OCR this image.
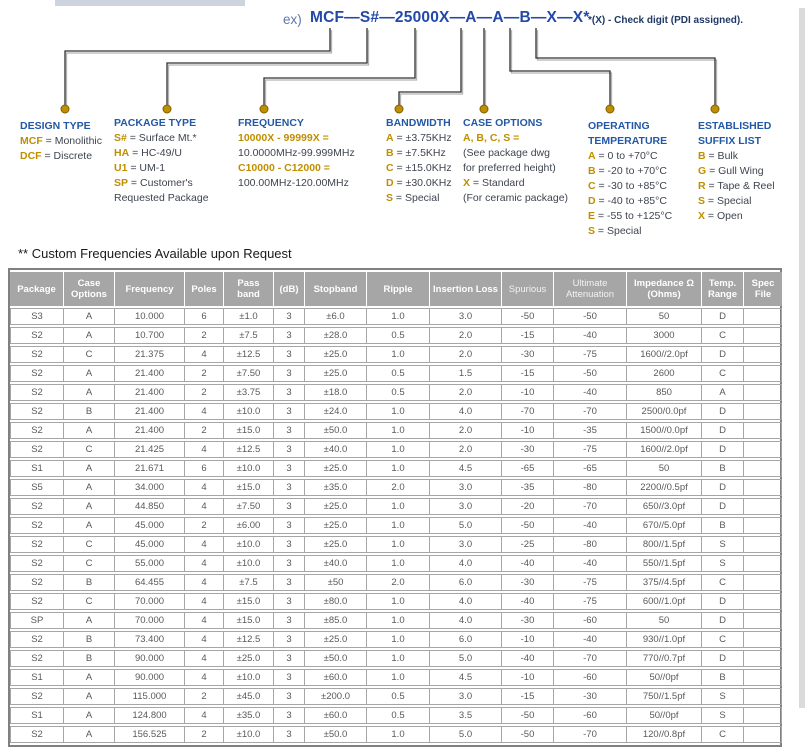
ex) MCF—S#—25000X—A—A—B—X—X*
*(X) - Check digit (PDI assigned).
DESIGN TYPE
MCF = Monolithic
DCF = Discrete
PACKAGE TYPE
S# = Surface Mt.*
HA = HC-49/U
U1 = UM-1
SP = Customer's
Requested Package
FREQUENCY
10000X - 99999X =
10.0000MHz-99.999MHz
C10000 - C12000 =
100.00MHz-120.00MHz
BANDWIDTH
A = ±3.75KHz
B = ±7.5KHz
C = ±15.0KHz
D = ±30.0KHz
S = Special
CASE OPTIONS
A, B, C, S =
(See package dwg
for preferred height)
X = Standard
(For ceramic package)
OPERATING TEMPERATURE
A = 0 to +70°C
B = -20 to +70°C
C = -30 to +85°C
D = -40 to +85°C
E = -55 to +125°C
S = Special
ESTABLISHED SUFFIX LIST
B = Bulk
G = Gull Wing
R = Tape & Reel
S = Special
X = Open
** Custom Frequencies Available upon Request
Package	Case Options	Frequency	Poles	Pass band	(dB)	Stopband	Ripple	Insertion Loss	Spurious	Ultimate Attenuation	Impedance Ω (Ohms)	Temp. Range	Spec File
S3	A	10.000	6	±1.0	3	±6.0	1.0	3.0	-50	-50	50	D	
S2	A	10.700	2	±7.5	3	±28.0	0.5	2.0	-15	-40	3000	C	
S2	C	21.375	4	±12.5	3	±25.0	1.0	2.0	-30	-75	1600//2.0pf	D	
S2	A	21.400	2	±7.50	3	±25.0	0.5	1.5	-15	-50	2600	C	
S2	A	21.400	2	±3.75	3	±18.0	0.5	2.0	-10	-40	850	A	
S2	B	21.400	4	±10.0	3	±24.0	1.0	4.0	-70	-70	2500/0.0pf	D	
S2	A	21.400	2	±15.0	3	±50.0	1.0	2.0	-10	-35	1500//0.0pf	D	
S2	C	21.425	4	±12.5	3	±40.0	1.0	2.0	-30	-75	1600//2.0pf	D	
S1	A	21.671	6	±10.0	3	±25.0	1.0	4.5	-65	-65	50	B	
S5	A	34.000	4	±15.0	3	±35.0	2.0	3.0	-35	-80	2200//0.5pf	D	
S2	A	44.850	4	±7.50	3	±25.0	1.0	3.0	-20	-70	650//3.0pf	D	
S2	A	45.000	2	±6.00	3	±25.0	1.0	5.0	-50	-40	670//5.0pf	B	
S2	C	45.000	4	±10.0	3	±25.0	1.0	3.0	-25	-80	800//1.5pf	S	
S2	C	55.000	4	±10.0	3	±40.0	1.0	4.0	-40	-40	550//1.5pf	S	
S2	B	64.455	4	±7.5	3	±50	2.0	6.0	-30	-75	375//4.5pf	C	
S2	C	70.000	4	±15.0	3	±80.0	1.0	4.0	-40	-75	600//1.0pf	D	
SP	A	70.000	4	±15.0	3	±85.0	1.0	4.0	-30	-60	50	D	
S2	B	73.400	4	±12.5	3	±25.0	1.0	6.0	-10	-40	930//1.0pf	C	
S2	B	90.000	4	±25.0	3	±50.0	1.0	5.0	-40	-70	770//0.7pf	D	
S1	A	90.000	4	±10.0	3	±60.0	1.0	4.5	-10	-60	50//0pf	B	
S2	A	115.000	2	±45.0	3	±200.0	0.5	3.0	-15	-30	750//1.5pf	S	
S1	A	124.800	4	±35.0	3	±60.0	0.5	3.5	-50	-60	50//0pf	S	
S2	A	156.525	2	±10.0	3	±50.0	1.0	5.0	-50	-70	120//0.8pf	C	
